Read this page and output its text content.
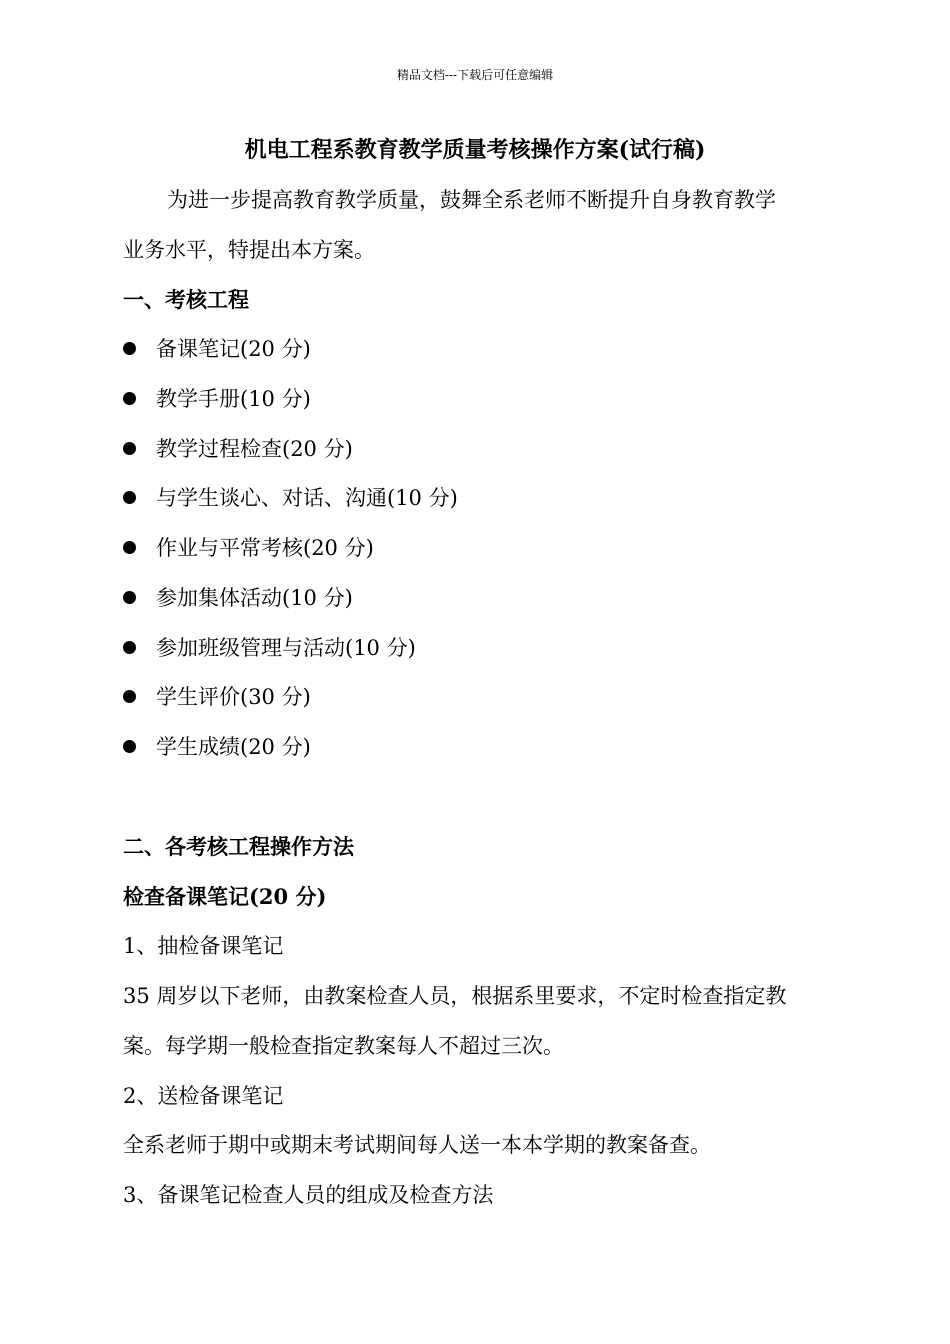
精品文档---下载后可任意编辑
机电工程系教育教学质量考核操作方案(试行稿)
为进一步提高教育教学质量，鼓舞全系老师不断提升自身教育教学
业务水平，特提出本方案。
一、考核工程
备课笔记(20 分)
教学手册(10 分)
教学过程检查(20 分)
与学生谈心、对话、沟通(10 分)
作业与平常考核(20 分)
参加集体活动(10 分)
参加班级管理与活动(10 分)
学生评价(30 分)
学生成绩(20 分)
二、各考核工程操作方法
检查备课笔记(20 分)
1、抽检备课笔记
35 周岁以下老师，由教案检查人员，根据系里要求，不定时检查指定教
案。每学期一般检查指定教案每人不超过三次。
2、送检备课笔记
全系老师于期中或期末考试期间每人送一本本学期的教案备查。
3、备课笔记检查人员的组成及检查方法
